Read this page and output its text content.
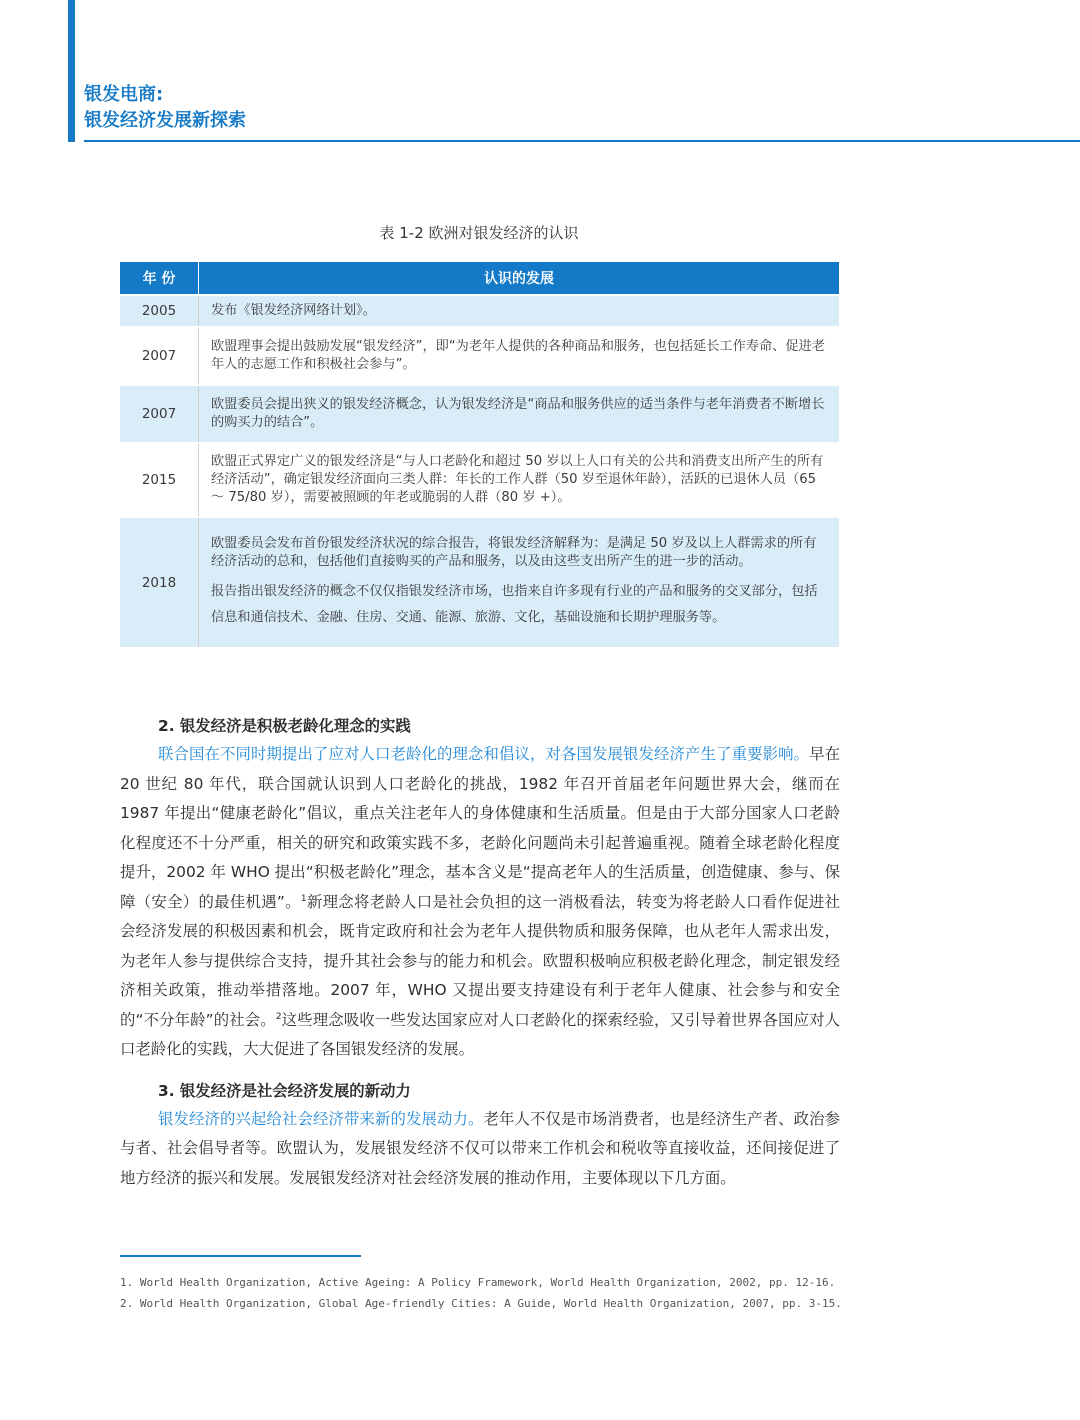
银发电商:
银发经济发展新探索

表 1-2 欧洲对银发经济的认识

年 份	认识的发展
2005	发布《银发经济网络计划》。
2007	欧盟理事会提出鼓励发展“银发经济”，即“为老年人提供的各种商品和服务，也包括延长工作寿命、促进老年人的志愿工作和积极社会参与”。
2007	欧盟委员会提出狭义的银发经济概念，认为银发经济是“商品和服务供应的适当条件与老年消费者不断增长的购买力的结合”。
2015	欧盟正式界定广义的银发经济是“与人口老龄化和超过 50 岁以上人口有关的公共和消费支出所产生的所有经济活动”，确定银发经济面向三类人群：年长的工作人群（50 岁至退休年龄），活跃的已退休人员（65 ～ 75/80 岁），需要被照顾的年老或脆弱的人群（80 岁 +）。
2018	欧盟委员会发布首份银发经济状况的综合报告，将银发经济解释为：是满足 50 岁及以上人群需求的所有经济活动的总和，包括他们直接购买的产品和服务，以及由这些支出所产生的进一步的活动。

报告指出银发经济的概念不仅仅指银发经济市场，也指来自许多现有行业的产品和服务的交叉部分，包括信息和通信技术、金融、住房、交通、能源、旅游、文化，基础设施和长期护理服务等。

2. 银发经济是积极老龄化理念的实践

联合国在不同时期提出了应对人口老龄化的理念和倡议，对各国发展银发经济产生了重要影响。早在 20 世纪 80 年代，联合国就认识到人口老龄化的挑战，1982 年召开首届老年问题世界大会，继而在 1987 年提出“健康老龄化”倡议，重点关注老年人的身体健康和生活质量。但是由于大部分国家人口老龄化程度还不十分严重，相关的研究和政策实践不多，老龄化问题尚未引起普遍重视。随着全球老龄化程度提升，2002 年 WHO 提出“积极老龄化”理念，基本含义是“提高老年人的生活质量，创造健康、参与、保障（安全）的最佳机遇”。$^1$新理念将老龄人口是社会负担的这一消极看法，转变为将老龄人口看作促进社会经济发展的积极因素和机会，既肯定政府和社会为老年人提供物质和服务保障，也从老年人需求出发，为老年人参与提供综合支持，提升其社会参与的能力和机会。欧盟积极响应积极老龄化理念，制定银发经济相关政策，推动举措落地。2007 年，WHO 又提出要支持建设有利于老年人健康、社会参与和安全的“不分年龄”的社会。$^2$这些理念吸收一些发达国家应对人口老龄化的探索经验，又引导着世界各国应对人口老龄化的实践，大大促进了各国银发经济的发展。

3. 银发经济是社会经济发展的新动力

银发经济的兴起给社会经济带来新的发展动力。老年人不仅是市场消费者，也是经济生产者、政治参与者、社会倡导者等。欧盟认为，发展银发经济不仅可以带来工作机会和税收等直接收益，还间接促进了地方经济的振兴和发展。发展银发经济对社会经济发展的推动作用，主要体现以下几方面。

1. World Health Organization, Active Ageing: A Policy Framework, World Health Organization, 2002, pp. 12-16.
2. World Health Organization, Global Age-friendly Cities: A Guide, World Health Organization, 2007, pp. 3-15.
